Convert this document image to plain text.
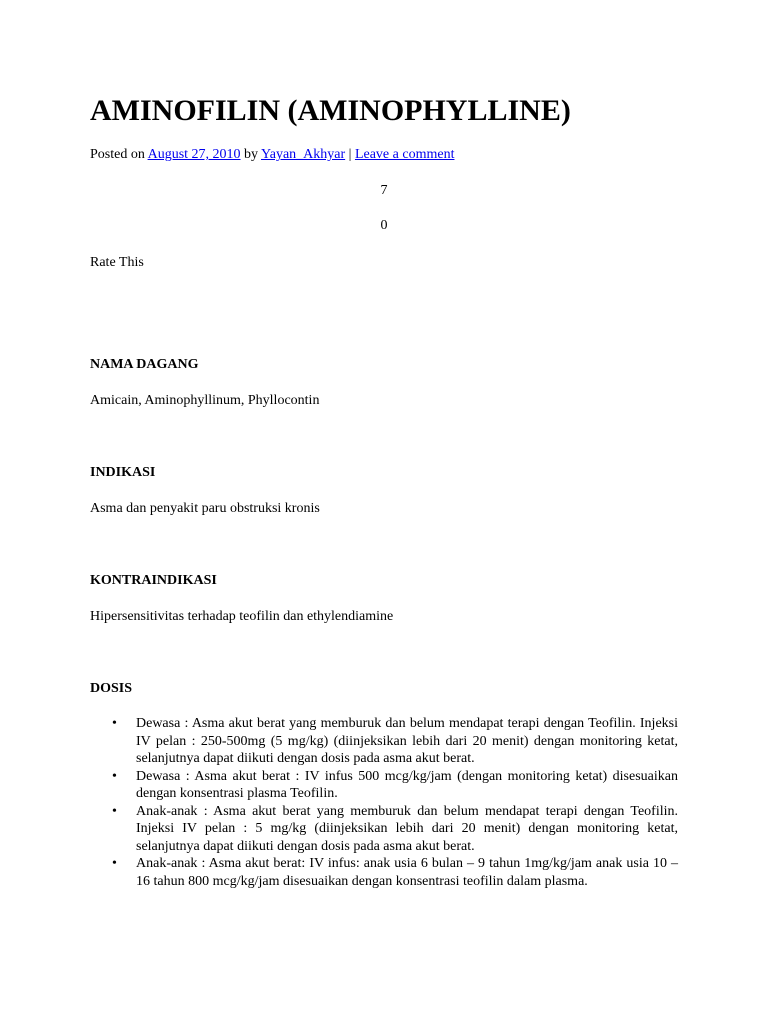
AMINOFILIN (AMINOPHYLLINE)
Posted on August 27, 2010 by Yayan_Akhyar | Leave a comment
7
0
Rate This
NAMA DAGANG

Amicain, Aminophyllinum, Phyllocontin

INDIKASI

Asma dan penyakit paru obstruksi kronis

KONTRAINDIKASI

Hipersensitivitas terhadap teofilin dan ethylendiamine

DOSIS
• Dewasa : Asma akut berat yang memburuk dan belum mendapat terapi dengan Teofilin. Injeksi IV pelan : 250-500mg (5 mg/kg) (diinjeksikan lebih dari 20 menit) dengan monitoring ketat, selanjutnya dapat diikuti dengan dosis pada asma akut berat.
• Dewasa : Asma akut berat : IV infus 500 mcg/kg/jam (dengan monitoring ketat) disesuaikan dengan konsentrasi plasma Teofilin.
• Anak-anak : Asma akut berat yang memburuk dan belum mendapat terapi dengan Teofilin. Injeksi IV pelan : 5 mg/kg (diinjeksikan lebih dari 20 menit) dengan monitoring ketat, selanjutnya dapat diikuti dengan dosis pada asma akut berat.
• Anak-anak : Asma akut berat: IV infus: anak usia 6 bulan – 9 tahun 1mg/kg/jam anak usia 10 – 16 tahun 800 mcg/kg/jam disesuaikan dengan konsentrasi teofilin dalam plasma.
